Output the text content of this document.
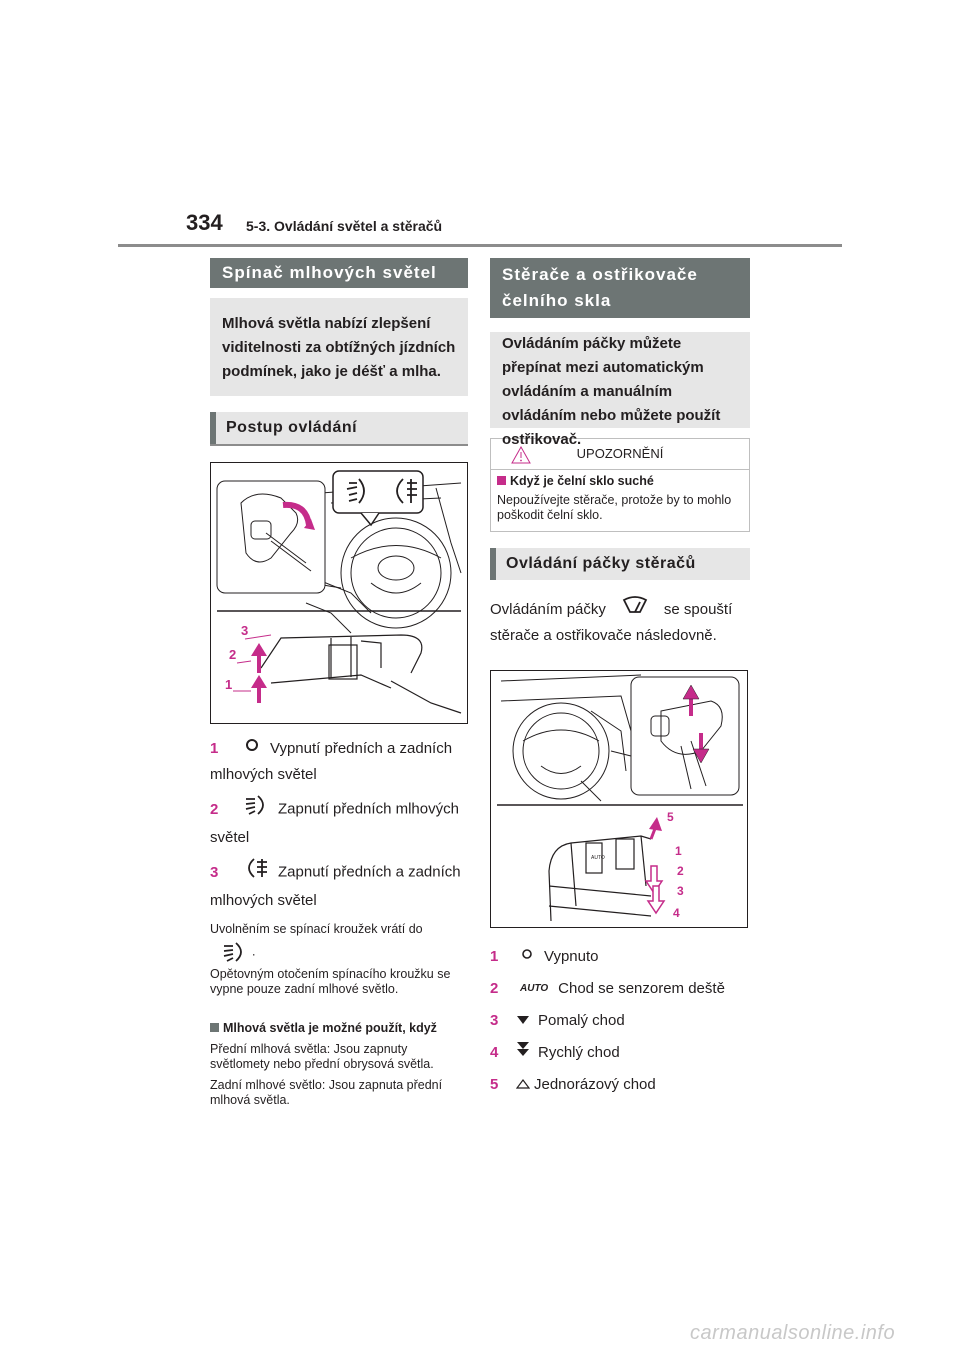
334 5-3. Ovládání světel a stěračů
Spínač mlhových světel
Mlhová světla nabízí zlepšení viditelnosti za obtížných jízdních podmínek, jako je déšť a mlha.
Postup ovládání
3
2
1
1	Vypnutí předních a zadních mlhových světel
2	Zapnutí předních mlhových světel
3	Zapnutí předních a zadních mlhových světel
Uvolněním se spínací kroužek vrátí do
.
Opětovným otočením spínacího kroužku se vypne pouze zadní mlhové světlo.
Mlhová světla je možné použít, když
Přední mlhová světla: Jsou zapnuty světlomety nebo přední obrysová světla.
Zadní mlhové světlo: Jsou zapnuta přední mlhová světla.
Stěrače a ostřikovače čelního skla
Ovládáním páčky můžete přepínat mezi automatickým ovládáním a manuálním ovládáním nebo můžete použít ostřikovač.
UPOZORNĚNÍ
Když je čelní sklo suché
Nepoužívejte stěrače, protože by to mohlo poškodit čelní sklo.
Ovládání páčky stěračů
Ovládáním páčky	se spouští stěrače a ostřikovače následovně.
AUTO
5
1
2
3
4
1	Vypnuto
2 AUTO Chod se senzorem deště
3	Pomalý chod
4	Rychlý chod
5 Jednorázový chod
carmanualsonline.info
